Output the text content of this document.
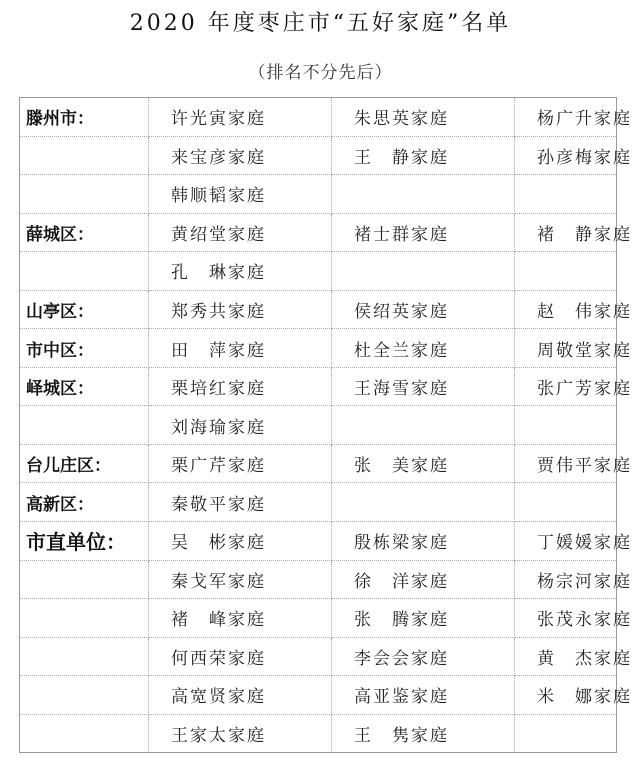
2020 年度枣庄市“五好家庭”名单
（排名不分先后）
滕州市：	许光寅家庭	朱思英家庭	杨广升家庭
	来宝彦家庭	王　静家庭	孙彦梅家庭
	韩顺韬家庭		
薛城区：	黄绍堂家庭	褚士群家庭	褚　静家庭
	孔　琳家庭		
山亭区：	郑秀共家庭	侯绍英家庭	赵　伟家庭
市中区：	田　萍家庭	杜全兰家庭	周敬堂家庭
峄城区：	栗培红家庭	王海雪家庭	张广芳家庭
	刘海瑜家庭		
台儿庄区：	栗广芹家庭	张　美家庭	贾伟平家庭
高新区：	秦敬平家庭		
市直单位：	吴　彬家庭	殷栋梁家庭	丁媛媛家庭
	秦戈军家庭	徐　洋家庭	杨宗河家庭
	褚　峰家庭	张　腾家庭	张茂永家庭
	何西荣家庭	李会会家庭	黄　杰家庭
	高宽贤家庭	高亚鉴家庭	米　娜家庭
	王家太家庭	王　隽家庭	
